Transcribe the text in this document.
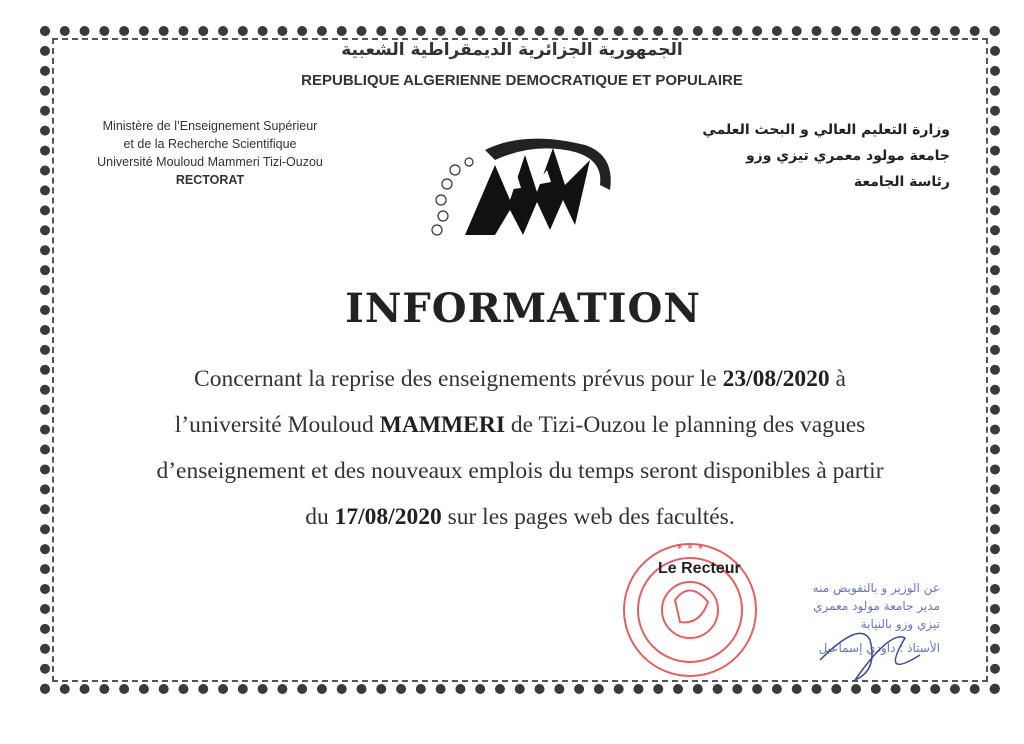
الجمهورية الجزائرية الديمقراطية الشعبية
REPUBLIQUE ALGERIENNE DEMOCRATIQUE ET POPULAIRE
Ministère de l’Enseignement Supérieur
et de la Recherche Scientifique
Université Mouloud Mammeri Tizi-Ouzou
RECTORAT
وزارة التعليم العالي و البحث العلمي
جامعة مولود معمري تيزي وزو
رئاسة الجامعة
INFORMATION
Concernant la reprise des enseignements prévus pour le 23/08/2020 à
l’université Mouloud MAMMERI de Tizi-Ouzou le planning des vagues
d’enseignement et des nouveaux emplois du temps seront disponibles à partir
du 17/08/2020 sur les pages web des facultés.
✶ ✶ ✶
عن الوزير و بالتفويض منه
مدير جامعة مولود معمري
تيزي وزو بالنيابة
الأستاذ : داودي إسماعيل
Le Recteur
